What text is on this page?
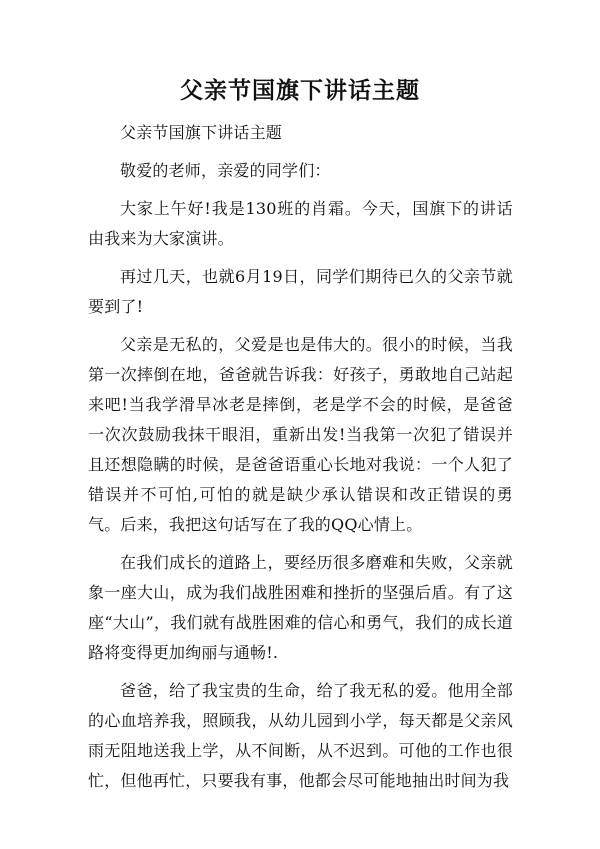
父亲节国旗下讲话主题

父亲节国旗下讲话主题

敬爱的老师，亲爱的同学们：

大家上午好!我是130班的肖霜。今天，国旗下的讲话由我来为大家演讲。

再过几天，也就6月19日，同学们期待已久的父亲节就要到了!

父亲是无私的，父爱是也是伟大的。很小的时候，当我第一次摔倒在地，爸爸就告诉我：好孩子，勇敢地自己站起来吧!当我学滑旱冰老是摔倒，老是学不会的时候，是爸爸一次次鼓励我抹干眼泪，重新出发!当我第一次犯了错误并且还想隐瞒的时候，是爸爸语重心长地对我说：一个人犯了错误并不可怕,可怕的就是缺少承认错误和改正错误的勇气。后来，我把这句话写在了我的QQ心情上。

在我们成长的道路上，要经历很多磨难和失败，父亲就象一座大山，成为我们战胜困难和挫折的坚强后盾。有了这座“大山”，我们就有战胜困难的信心和勇气，我们的成长道路将变得更加绚丽与通畅!.

爸爸，给了我宝贵的生命，给了我无私的爱。他用全部的心血培养我，照顾我，从幼儿园到小学，每天都是父亲风雨无阻地送我上学，从不间断，从不迟到。可他的工作也很忙，但他再忙，只要我有事，他都会尽可能地抽出时间为我
